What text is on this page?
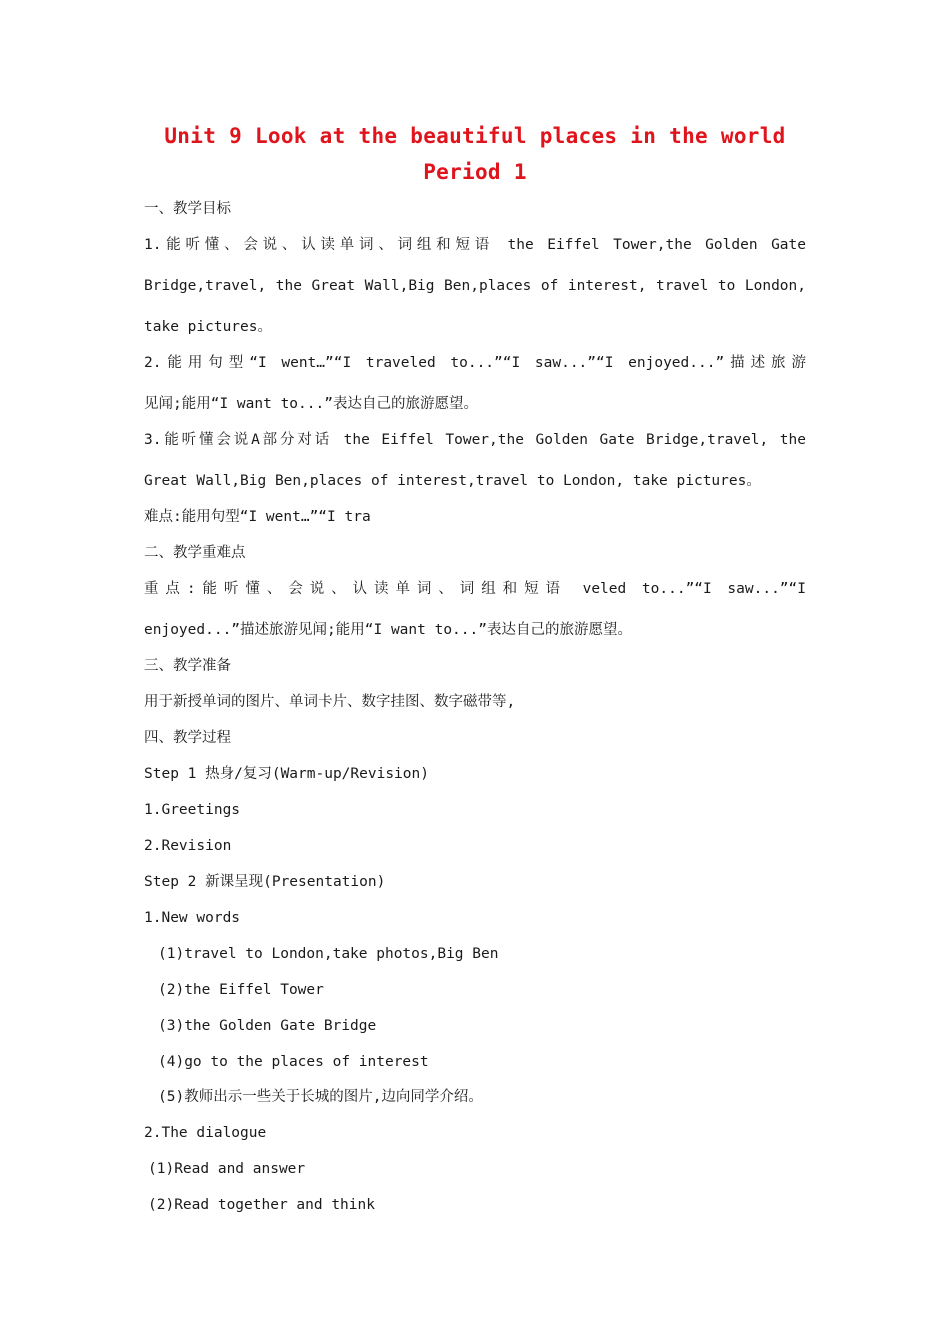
Unit 9 Look at the beautiful places in the world
Period 1
一、教学目标
1.能听懂、会说、认读单词、词组和短语 the Eiffel Tower,the Golden Gate
Bridge,travel, the Great Wall,Big Ben,places of interest, travel to London,
take pictures。
2.能用句型“I went…”“I traveled to...”“I saw...”“I enjoyed...”描述旅游
见闻;能用“I want to...”表达自己的旅游愿望。
3.能听懂会说A部分对话 the Eiffel Tower,the Golden Gate Bridge,travel, the
Great Wall,Big Ben,places of interest,travel to London, take pictures。
难点:能用句型“I went…”“I tra
二、教学重难点
重点:能听懂、会说、认读单词、词组和短语 veled to...”“I saw...”“I
enjoyed...”描述旅游见闻;能用“I want to...”表达自己的旅游愿望。
三、教学准备
用于新授单词的图片、单词卡片、数字挂图、数字磁带等,
四、教学过程
Step 1 热身/复习(Warm-up/Revision)
1.Greetings
2.Revision
Step 2 新课呈现(Presentation)
1.New words
(1)travel to London,take photos,Big Ben
(2)the Eiffel Tower
(3)the Golden Gate Bridge
(4)go to the places of interest
(5)教师出示一些关于长城的图片,边向同学介绍。
2.The dialogue
(1)Read and answer
(2)Read together and think
